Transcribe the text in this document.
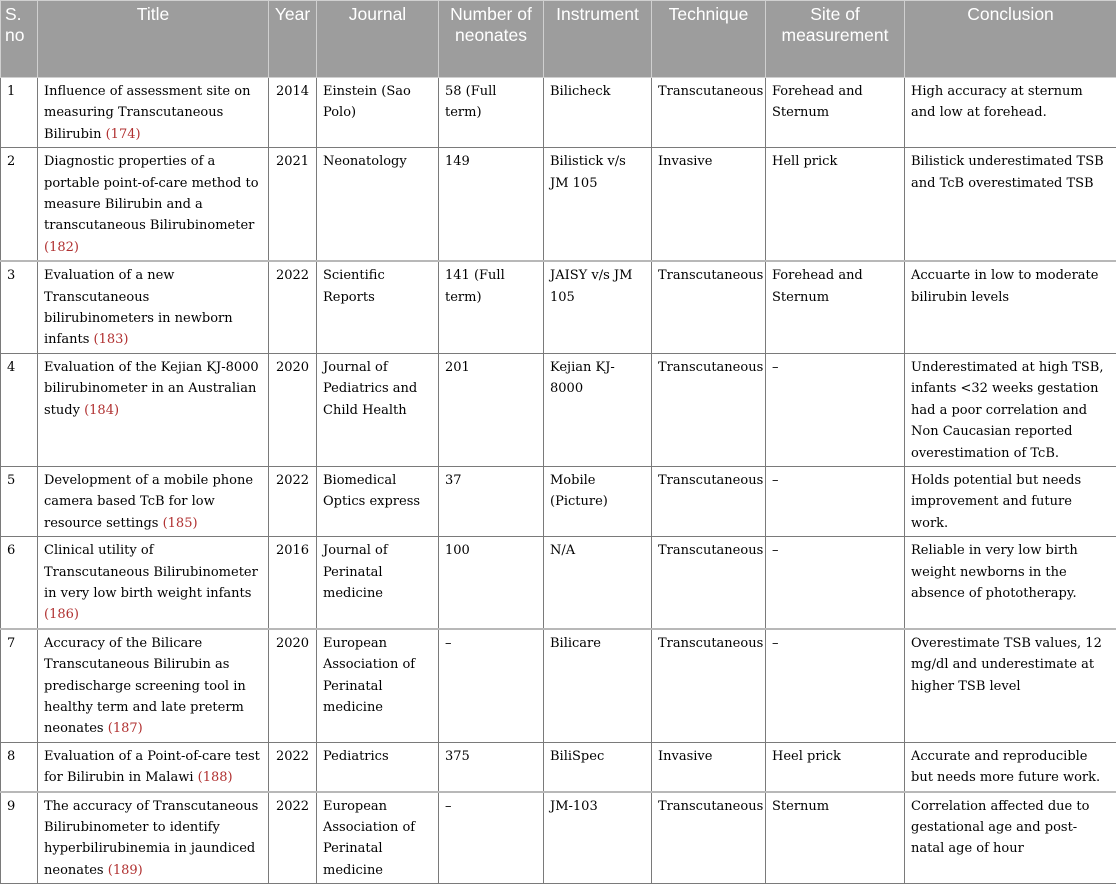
S. no	Title	Year	Journal	Number of neonates	Instrument	Technique	Site of measurement	Conclusion
1	Influence of assessment site on measuring Transcutaneous Bilirubin (174)	2014	Einstein (Sao Polo)	58 (Full term)	Bilicheck	Transcutaneous	Forehead and Sternum	High accuracy at sternum and low at forehead.
2	Diagnostic properties of a portable point-of-care method to measure Bilirubin and a transcutaneous Bilirubinometer (182)	2021	Neonatology	149	Bilistick v/s JM 105	Invasive	Hell prick	Bilistick underestimated TSB and TcB overestimated TSB
3	Evaluation of a new Transcutaneous bilirubinometers in newborn infants (183)	2022	Scientific Reports	141 (Full term)	JAISY v/s JM 105	Transcutaneous	Forehead and Sternum	Accuarte in low to moderate bilirubin levels
4	Evaluation of the Kejian KJ-8000 bilirubinometer in an Australian study (184)	2020	Journal of Pediatrics and Child Health	201	Kejian KJ-8000	Transcutaneous	–	Underestimated at high TSB, infants <32 weeks gestation had a poor correlation and Non Caucasian reported overestimation of TcB.
5	Development of a mobile phone camera based TcB for low resource settings (185)	2022	Biomedical Optics express	37	Mobile (Picture)	Transcutaneous	–	Holds potential but needs improvement and future work.
6	Clinical utility of Transcutaneous Bilirubinometer in very low birth weight infants (186)	2016	Journal of Perinatal medicine	100	N/A	Transcutaneous	–	Reliable in very low birth weight newborns in the absence of phototherapy.
7	Accuracy of the Bilicare Transcutaneous Bilirubin as predischarge screening tool in healthy term and late preterm neonates (187)	2020	European Association of Perinatal medicine	–	Bilicare	Transcutaneous	–	Overestimate TSB values, 12 mg/dl and underestimate at higher TSB level
8	Evaluation of a Point-of-care test for Bilirubin in Malawi (188)	2022	Pediatrics	375	BiliSpec	Invasive	Heel prick	Accurate and reproducible but needs more future work.
9	The accuracy of Transcutaneous Bilirubinometer to identify hyperbilirubinemia in jaundiced neonates (189)	2022	European Association of Perinatal medicine	–	JM-103	Transcutaneous	Sternum	Correlation affected due to gestational age and post-natal age of hour
